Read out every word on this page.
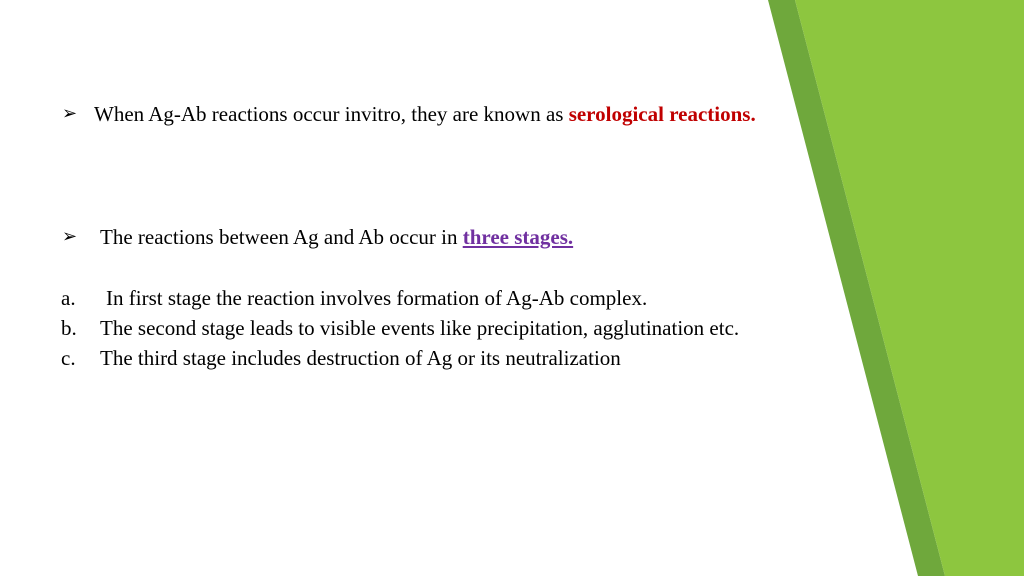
➢ When Ag-Ab reactions occur invitro, they are known as serological reactions.
➢ The reactions between Ag and Ab occur in three stages.
a. In first stage the reaction involves formation of Ag-Ab complex.
b. The second stage leads to visible events like precipitation, agglutination etc.
c. The third stage includes destruction of Ag or its neutralization
